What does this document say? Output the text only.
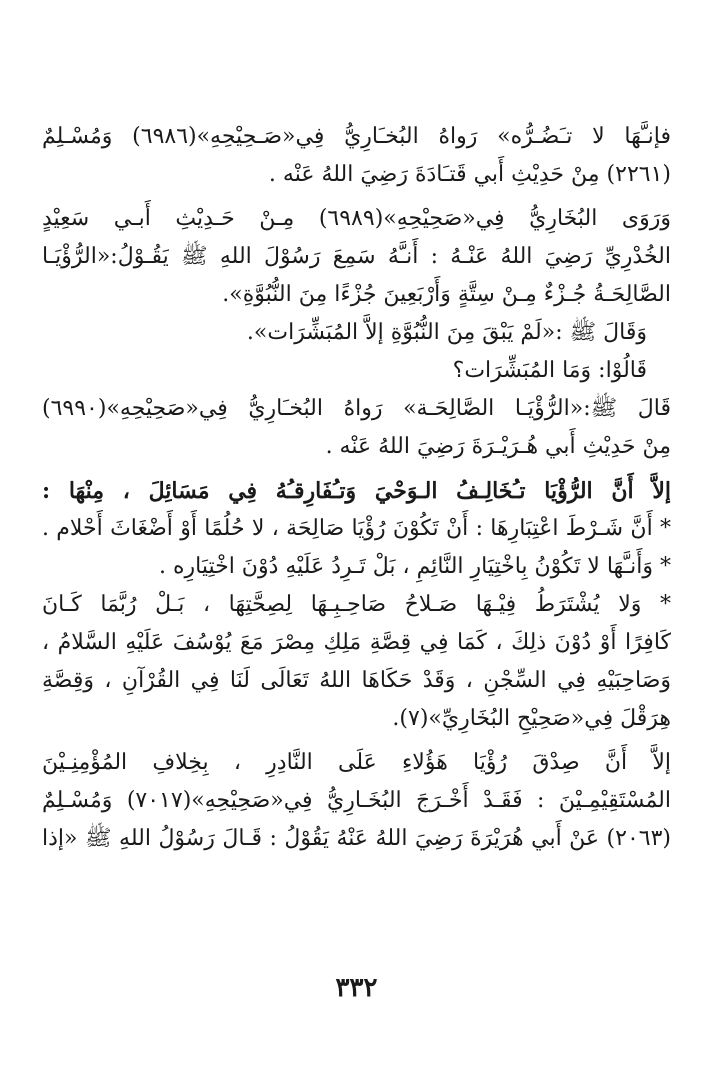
فإنـَّهَا لا تـَضُـرُّه» رَواهُ البُخـَارِيُّ فِي«صَـحِيْحِهِ»(٦٩٨٦) وَمُسْـلِمٌ
(٢٢٦١) مِنْ حَدِيْثِ أَبي قَتـَادَةَ رَضِيَ اللهُ عَنْه .
وَرَوَى البُخَارِيُّ فِي«صَحِيْحِهِ»(٦٩٨٩) مِـنْ حَـدِيْثِ أَبـي سَعِيْدٍ
الخُدْرِيِّ رَضِيَ اللهُ عَنْـهُ : أَنـَّهُ سَمِعَ رَسُوْلَ اللهِ ﷺ يَقُـوْلُ:«الرُّؤْيَـا
الصَّالِحَـةُ جُـزْءٌ مِـنْ سِتَّةٍ وَأَرْبَعِينَ جُزْءًا مِنَ النُّبُوَّةِ».
وَقَالَ ﷺ :«لَمْ يَبْقَ مِنَ النُّبُوَّةِ إلاَّ المُبَشِّرَات».
قَالُوْا: وَمَا المُبَشِّرَات؟
قَالَ ﷺ:«الرُّؤْيَـا الصَّالِحَـة» رَواهُ البُخـَارِيُّ فِي«صَحِيْحِهِ»(٦٩٩٠)
مِنْ حَدِيْثِ أَبي هُـرَيْـرَةَ رَضِيَ اللهُ عَنْه .
إلاَّ أَنَّ الرُّؤْيَا تـُخَالِـفُ الـوَحْيَ وَتـُفَارِقـُهُ فِي مَسَائِلَ ، مِنْهَا :
* أَنَّ شَـرْطَ اعْتِبَارِهَا : أَنْ تَكُوْنَ رُؤْيَا صَالِحَة ، لا حُلُمًا أَوْ أَضْغَاثَ أَحْلام .
* وَأَنـَّهَا لا تَكُوْنُ بِاخْتِيَارِ النَّائِمِ ، بَلْ تَـرِدُ عَلَيْهِ دُوْنَ اخْتِيَارِه .
* وَلا يُشْتَرَطُ فِيْـهَا صَـلاحُ صَاحِـبِـهَا لِصِحَّتِهَا ، بَـلْ رُبَّمَا كَـانَ
كَافِرًا أَوْ دُوْنَ ذلِكَ ، كَمَا فِي قِصَّةِ مَلِكِ مِصْرَ مَعَ يُوْسُفَ عَلَيْهِ السَّلامُ ،
وَصَاحِبَيْهِ فِي السِّجْنِ ، وَقَدْ حَكَاهَا اللهُ تَعَالَى لَنَا فِي القُرْآنِ ، وَقِصَّةِ
هِرَقْلَ فِي«صَحِيْحِ البُخَارِيِّ»(٧).
إلاَّ أَنَّ صِدْقَ رُؤْيَا هَؤُلاءِ عَلَى النَّادِرِ ، بِخِلافِ المُؤْمِنِـيْنَ
المُسْتَقِيْمِـيْنَ : فَقَـدْ أَخْـرَجَ البُخَـارِيُّ فِي«صَحِيْحِهِ»(٧٠١٧) وَمُسْـلِمٌ
(٢٠٦٣) عَنْ أَبي هُرَيْرَةَ رَضِيَ اللهُ عَنْهُ يَقُوْلُ : قَـالَ رَسُوْلُ اللهِ ﷺ «إذا
٣٣٢
